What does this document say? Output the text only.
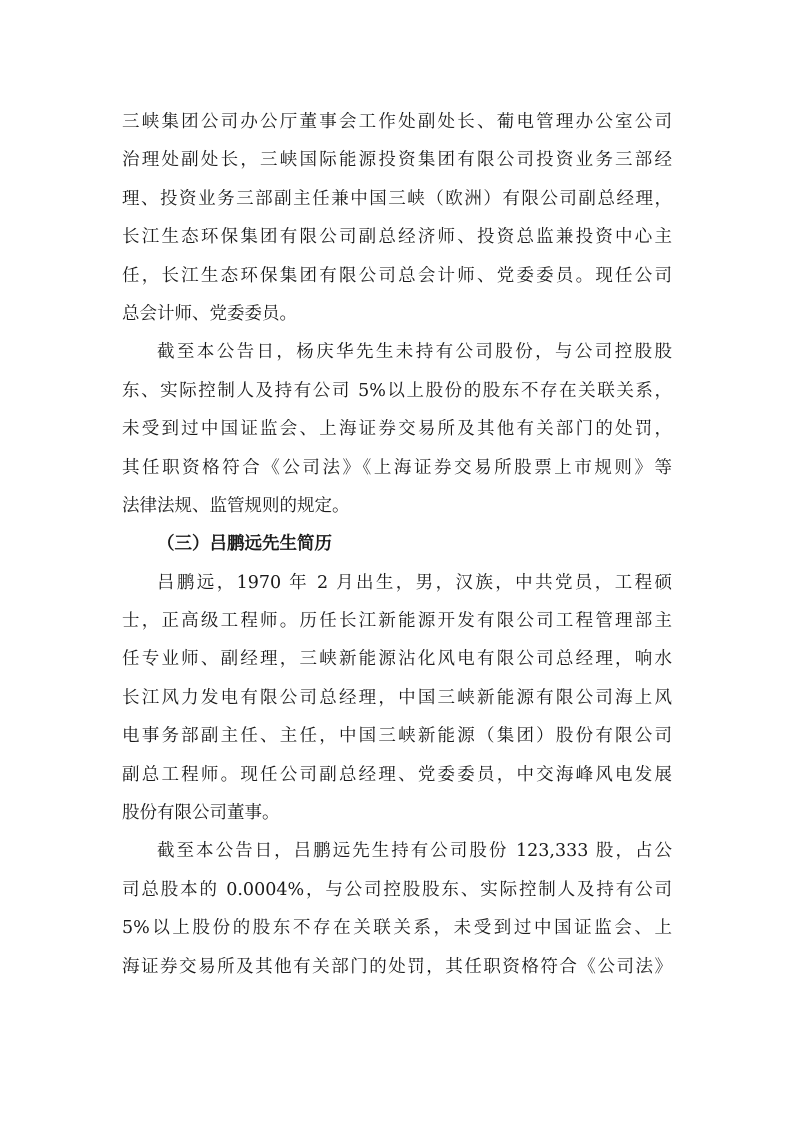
三峡集团公司办公厅董事会工作处副处长、葡电管理办公室公司
治理处副处长，三峡国际能源投资集团有限公司投资业务三部经
理、投资业务三部副主任兼中国三峡（欧洲）有限公司副总经理，
长江生态环保集团有限公司副总经济师、投资总监兼投资中心主
任，长江生态环保集团有限公司总会计师、党委委员。现任公司
总会计师、党委委员。
截至本公告日，杨庆华先生未持有公司股份，与公司控股股
东、实际控制人及持有公司 5%以上股份的股东不存在关联关系，
未受到过中国证监会、上海证券交易所及其他有关部门的处罚，
其任职资格符合《公司法》《上海证券交易所股票上市规则》等
法律法规、监管规则的规定。
（三）吕鹏远先生简历
吕鹏远，1970 年 2 月出生，男，汉族，中共党员，工程硕
士，正高级工程师。历任长江新能源开发有限公司工程管理部主
任专业师、副经理，三峡新能源沾化风电有限公司总经理，响水
长江风力发电有限公司总经理，中国三峡新能源有限公司海上风
电事务部副主任、主任，中国三峡新能源（集团）股份有限公司
副总工程师。现任公司副总经理、党委委员，中交海峰风电发展
股份有限公司董事。
截至本公告日，吕鹏远先生持有公司股份 123,333 股，占公
司总股本的 0.0004%，与公司控股股东、实际控制人及持有公司
5%以上股份的股东不存在关联关系，未受到过中国证监会、上
海证券交易所及其他有关部门的处罚，其任职资格符合《公司法》
